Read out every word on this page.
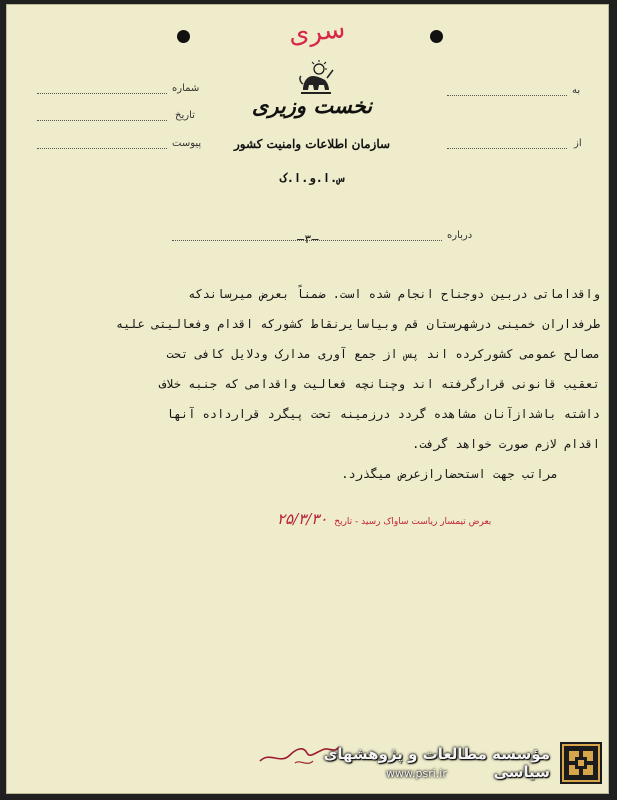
سری
شماره
تاریخ
پیوست
به
از
نخست وزیری
سازمان اطلاعات وامنیت کشور
س.ا.و.ا.ک
درباره
—۳—
واقداماتی دربین دوجناح انجام شده است. ضمناً بعرض میرساندکه
طرفداران خمینی درشهرستان قم وبیاسایرنقاط کشورکه اقدام وفعالیتی علیه
مصالح عمومی کشورکرده اند پس از جمع آوری مدارک ودلایل کافی تحت
تعقیب قانونی قرارگرفته اند وچنانچه فعالیت واقدامی که جنبه خلاف
داشته باشدازآنان مشاهده گردد درزمینه تحت پیگرد قرارداده آنها
اقدام لازم صورت خواهد گرفت.
مراتب جهت استحضارازعرض میگذرد.
بعرض تیمسار ریاست ساواک رسید - تاریخ ۲۵/۳/۳۰
مؤسسه مطالعات و پژوهشهای سیاسی
www.psri.ir
